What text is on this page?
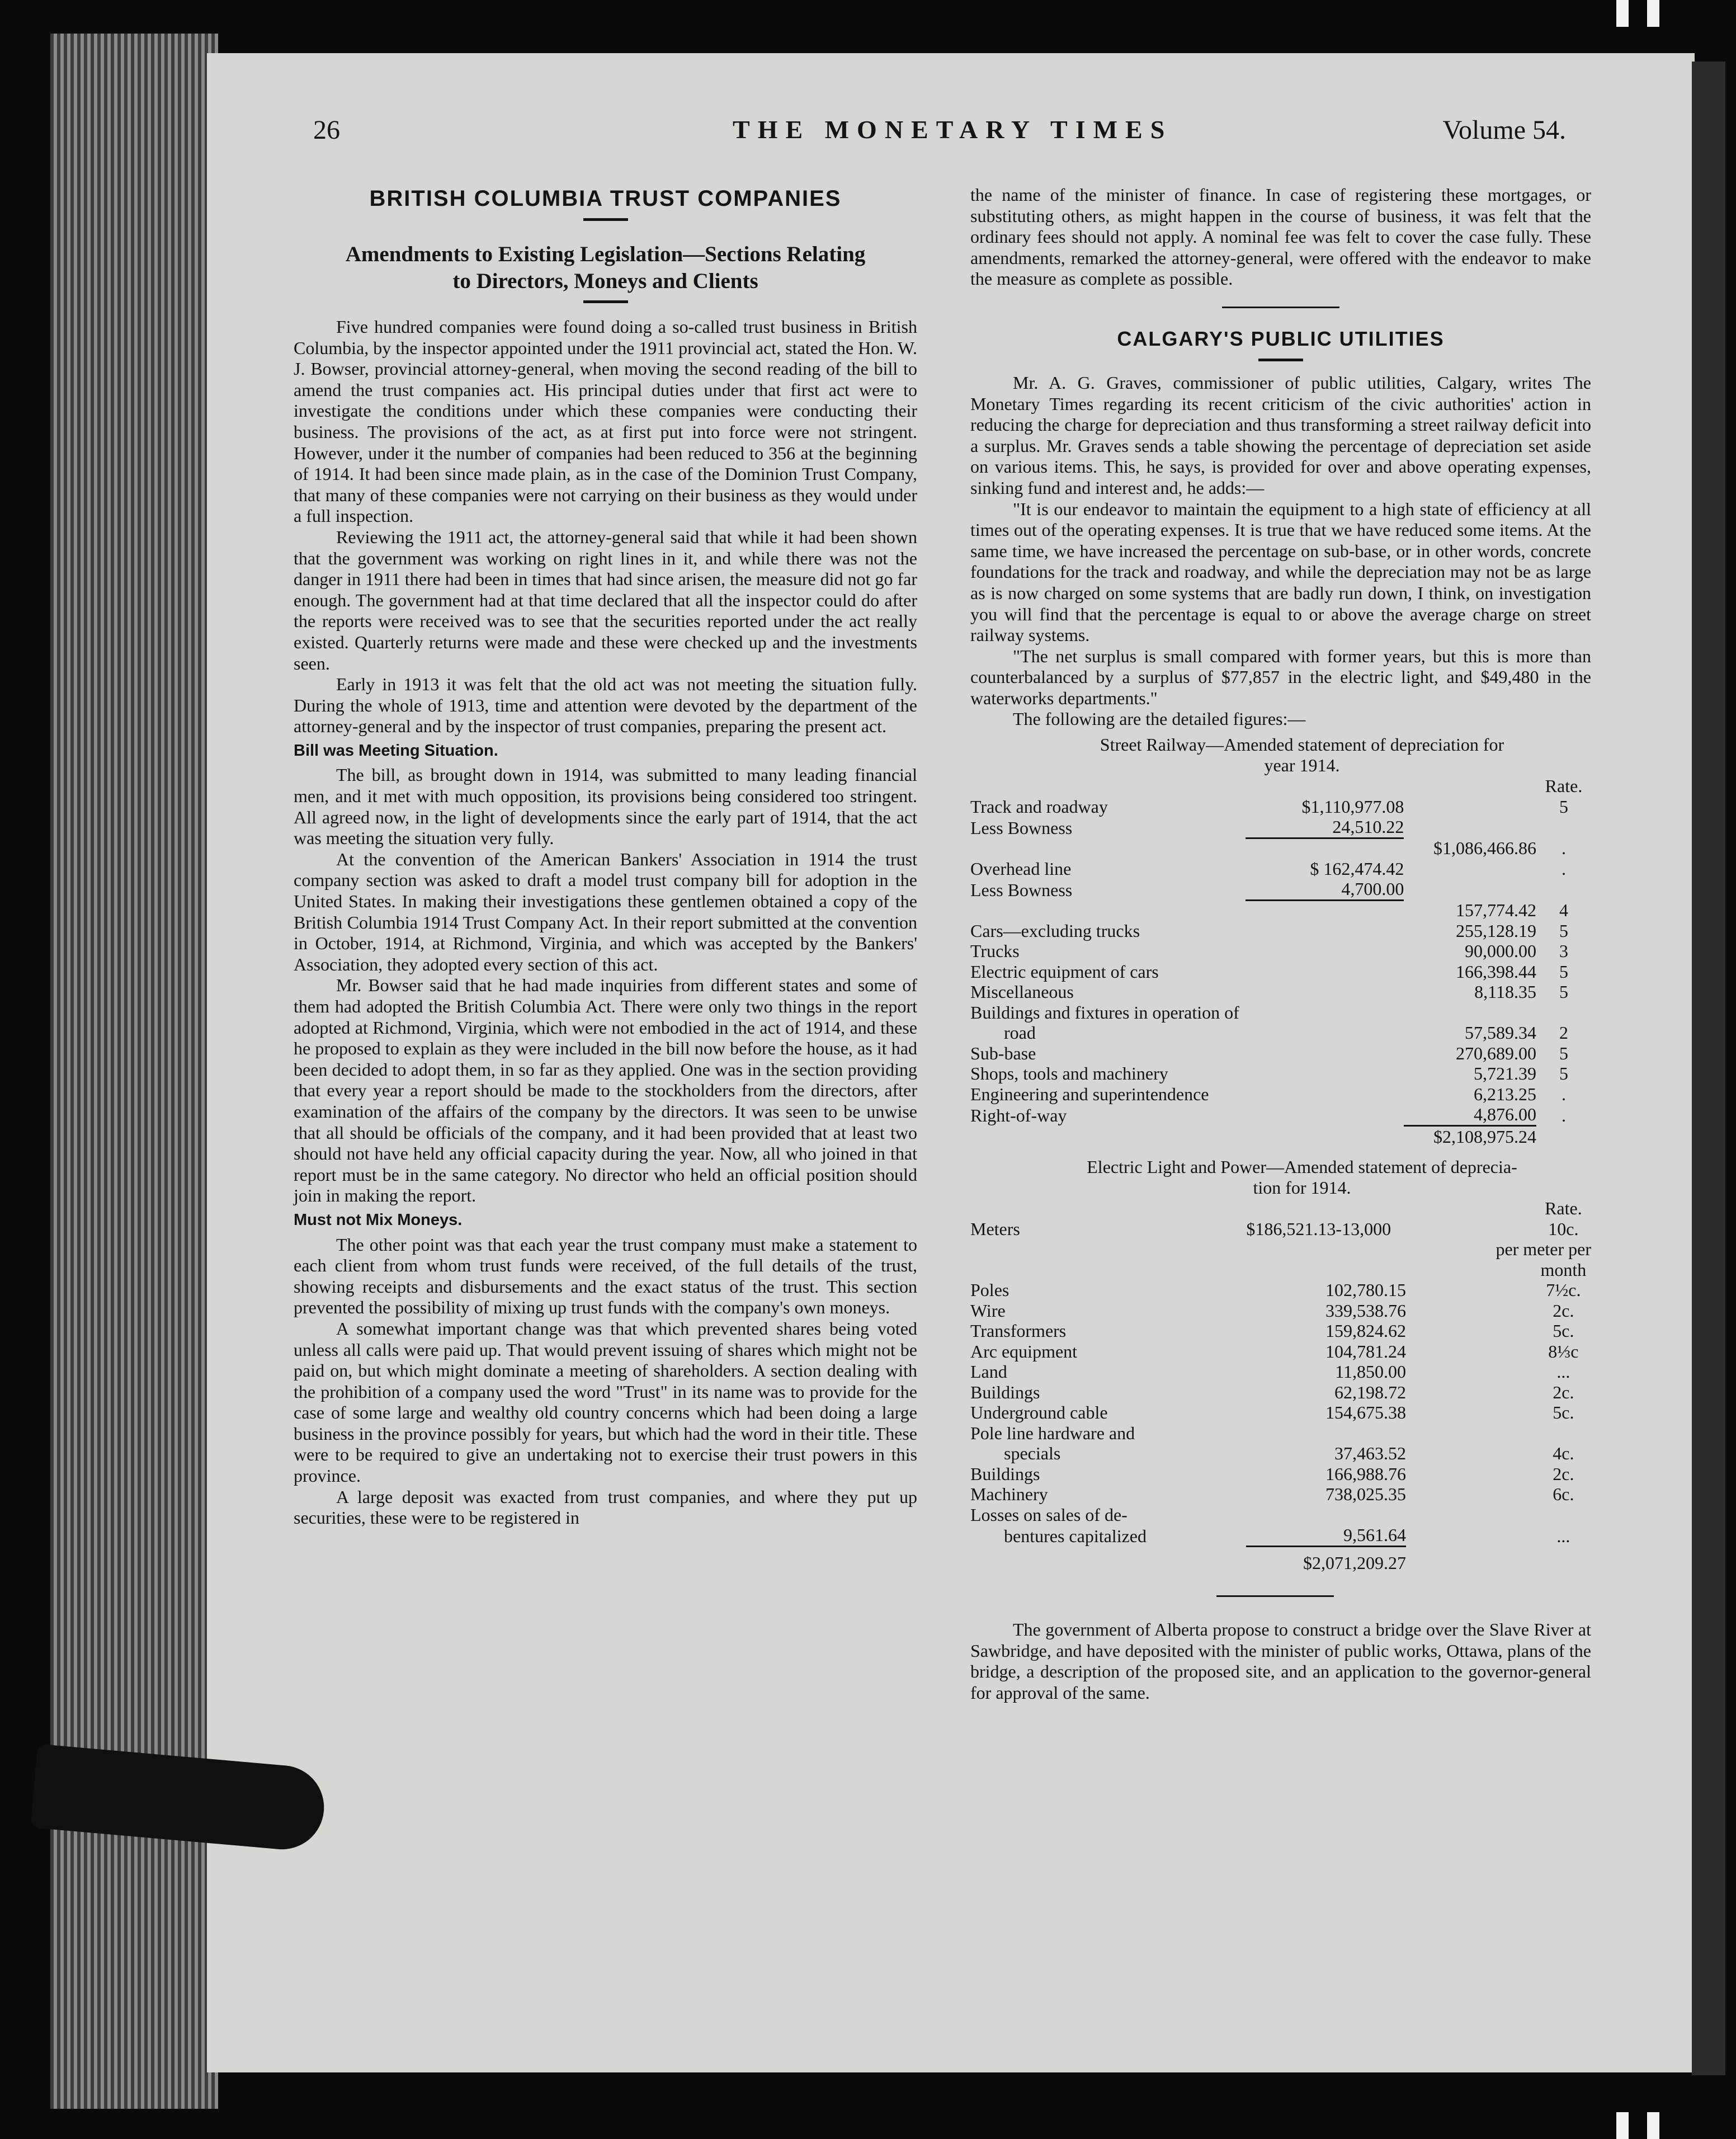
26	THE MONETARY TIMES	Volume 54.
BRITISH COLUMBIA TRUST COMPANIES
Amendments to Existing Legislation—Sections Relating
to Directors, Moneys and Clients

Five hundred companies were found doing a so-called trust business in British Columbia, by the inspector appointed under the 1911 provincial act, stated the Hon. W. J. Bowser, provincial attorney-general, when moving the second reading of the bill to amend the trust companies act. His principal duties under that first act were to investigate the conditions under which these companies were conducting their business. The provisions of the act, as at first put into force were not stringent. However, under it the number of companies had been reduced to 356 at the beginning of 1914. It had been since made plain, as in the case of the Dominion Trust Company, that many of these companies were not carrying on their business as they would under a full inspection.

Reviewing the 1911 act, the attorney-general said that while it had been shown that the government was working on right lines in it, and while there was not the danger in 1911 there had been in times that had since arisen, the measure did not go far enough. The government had at that time declared that all the inspector could do after the reports were received was to see that the securities reported under the act really existed. Quarterly returns were made and these were checked up and the investments seen.

Early in 1913 it was felt that the old act was not meeting the situation fully. During the whole of 1913, time and attention were devoted by the department of the attorney-general and by the inspector of trust companies, preparing the present act.

Bill was Meeting Situation.

The bill, as brought down in 1914, was submitted to many leading financial men, and it met with much opposition, its provisions being considered too stringent. All agreed now, in the light of developments since the early part of 1914, that the act was meeting the situation very fully.

At the convention of the American Bankers' Association in 1914 the trust company section was asked to draft a model trust company bill for adoption in the United States. In making their investigations these gentlemen obtained a copy of the British Columbia 1914 Trust Company Act. In their report submitted at the convention in October, 1914, at Richmond, Virginia, and which was accepted by the Bankers' Association, they adopted every section of this act.

Mr. Bowser said that he had made inquiries from different states and some of them had adopted the British Columbia Act. There were only two things in the report adopted at Richmond, Virginia, which were not embodied in the act of 1914, and these he proposed to explain as they were included in the bill now before the house, as it had been decided to adopt them, in so far as they applied. One was in the section providing that every year a report should be made to the stockholders from the directors, after examination of the affairs of the company by the directors. It was seen to be unwise that all should be officials of the company, and it had been provided that at least two should not have held any official capacity during the year. Now, all who joined in that report must be in the same category. No director who held an official position should join in making the report.

Must not Mix Moneys.

The other point was that each year the trust company must make a statement to each client from whom trust funds were received, of the full details of the trust, showing receipts and disbursements and the exact status of the trust. This section prevented the possibility of mixing up trust funds with the company's own moneys.

A somewhat important change was that which prevented shares being voted unless all calls were paid up. That would prevent issuing of shares which might not be paid on, but which might dominate a meeting of shareholders. A section dealing with the prohibition of a company used the word "Trust" in its name was to provide for the case of some large and wealthy old country concerns which had been doing a large business in the province possibly for years, but which had the word in their title. These were to be required to give an undertaking not to exercise their trust powers in this province.

A large deposit was exacted from trust companies, and where they put up securities, these were to be registered in

the name of the minister of finance. In case of registering these mortgages, or substituting others, as might happen in the course of business, it was felt that the ordinary fees should not apply. A nominal fee was felt to cover the case fully. These amendments, remarked the attorney-general, were offered with the endeavor to make the measure as complete as possible.

CALGARY'S PUBLIC UTILITIES

Mr. A. G. Graves, commissioner of public utilities, Calgary, writes The Monetary Times regarding its recent criticism of the civic authorities' action in reducing the charge for depreciation and thus transforming a street railway deficit into a surplus. Mr. Graves sends a table showing the percentage of depreciation set aside on various items. This, he says, is provided for over and above operating expenses, sinking fund and interest and, he adds:—

"It is our endeavor to maintain the equipment to a high state of efficiency at all times out of the operating expenses. It is true that we have reduced some items. At the same time, we have increased the percentage on sub-base, or in other words, concrete foundations for the track and roadway, and while the depreciation may not be as large as is now charged on some systems that are badly run down, I think, on investigation you will find that the percentage is equal to or above the average charge on street railway systems.

"The net surplus is small compared with former years, but this is more than counterbalanced by a surplus of $77,857 in the electric light, and $49,480 in the waterworks departments."

The following are the detailed figures:—

Street Railway—Amended statement of depreciation for

year 1914.

			Rate.
Track and roadway	$1,110,977.08		5
Less Bowness	24,510.22		
		$1,086,466.86	.
Overhead line	$ 162,474.42		.
Less Bowness	4,700.00		
		157,774.42	4
Cars—excluding trucks		255,128.19	5
Trucks		90,000.00	3
Electric equipment of cars		166,398.44	5
Miscellaneous		8,118.35	5
Buildings and fixtures in operation of			
road		57,589.34	2
Sub-base		270,689.00	5
Shops, tools and machinery		5,721.39	5
Engineering and superintendence		6,213.25	.
Right-of-way		4,876.00	.
		$2,108,975.24	

Electric Light and Power—Amended statement of deprecia-

tion for 1914.

			Rate.
Meters	$186,521.13-13,000		10c.
		per meter per	
			month
Poles	102,780.15		7½c.
Wire	339,538.76		2c.
Transformers	159,824.62		5c.
Arc equipment	104,781.24		8⅓c
Land	11,850.00		...
Buildings	62,198.72		2c.
Underground cable	154,675.38		5c.
Pole line hardware and			
specials	37,463.52		4c.
Buildings	166,988.76		2c.
Machinery	738,025.35		6c.
Losses on sales of de-			
bentures capitalized	9,561.64		...
	$2,071,209.27		

The government of Alberta propose to construct a bridge over the Slave River at Sawbridge, and have deposited with the minister of public works, Ottawa, plans of the bridge, a description of the proposed site, and an application to the governor-general for approval of the same.
